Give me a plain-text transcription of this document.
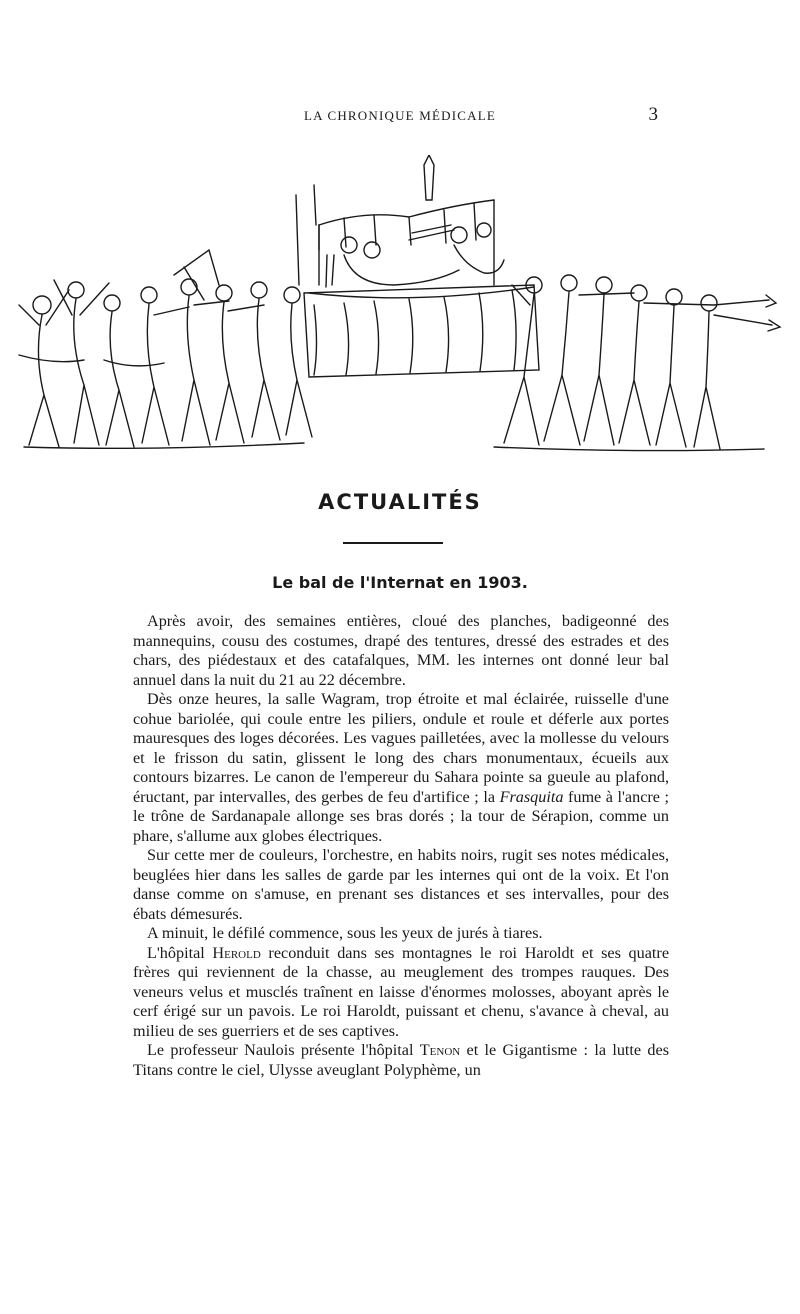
LA CHRONIQUE MÉDICALE	3
ACTUALITÉS
Le bal de l'Internat en 1903.

Après avoir, des semaines entières, cloué des planches, badigeonné des mannequins, cousu des costumes, drapé des tentures, dressé des estrades et des chars, des piédestaux et des catafalques, MM. les internes ont donné leur bal annuel dans la nuit du 21 au 22 décembre.

Dès onze heures, la salle Wagram, trop étroite et mal éclairée, ruisselle d'une cohue bariolée, qui coule entre les piliers, ondule et roule et déferle aux portes mauresques des loges décorées. Les vagues pailletées, avec la mollesse du velours et le frisson du satin, glissent le long des chars monumentaux, écueils aux contours bizarres. Le canon de l'empereur du Sahara pointe sa gueule au plafond, éructant, par intervalles, des gerbes de feu d'artifice ; la Frasquita fume à l'ancre ; le trône de Sardanapale allonge ses bras dorés ; la tour de Sérapion, comme un phare, s'allume aux globes électriques.

Sur cette mer de couleurs, l'orchestre, en habits noirs, rugit ses notes médicales, beuglées hier dans les salles de garde par les internes qui ont de la voix. Et l'on danse comme on s'amuse, en prenant ses distances et ses intervalles, pour des ébats démesurés.

A minuit, le défilé commence, sous les yeux de jurés à tiares.

L'hôpital Herold reconduit dans ses montagnes le roi Haroldt et ses quatre frères qui reviennent de la chasse, au meuglement des trompes rauques. Des veneurs velus et musclés traînent en laisse d'énormes molosses, aboyant après le cerf érigé sur un pavois. Le roi Haroldt, puissant et chenu, s'avance à cheval, au milieu de ses guerriers et de ses captives.

Le professeur Naulois présente l'hôpital Tenon et le Gigantisme : la lutte des Titans contre le ciel, Ulysse aveuglant Polyphème, un
